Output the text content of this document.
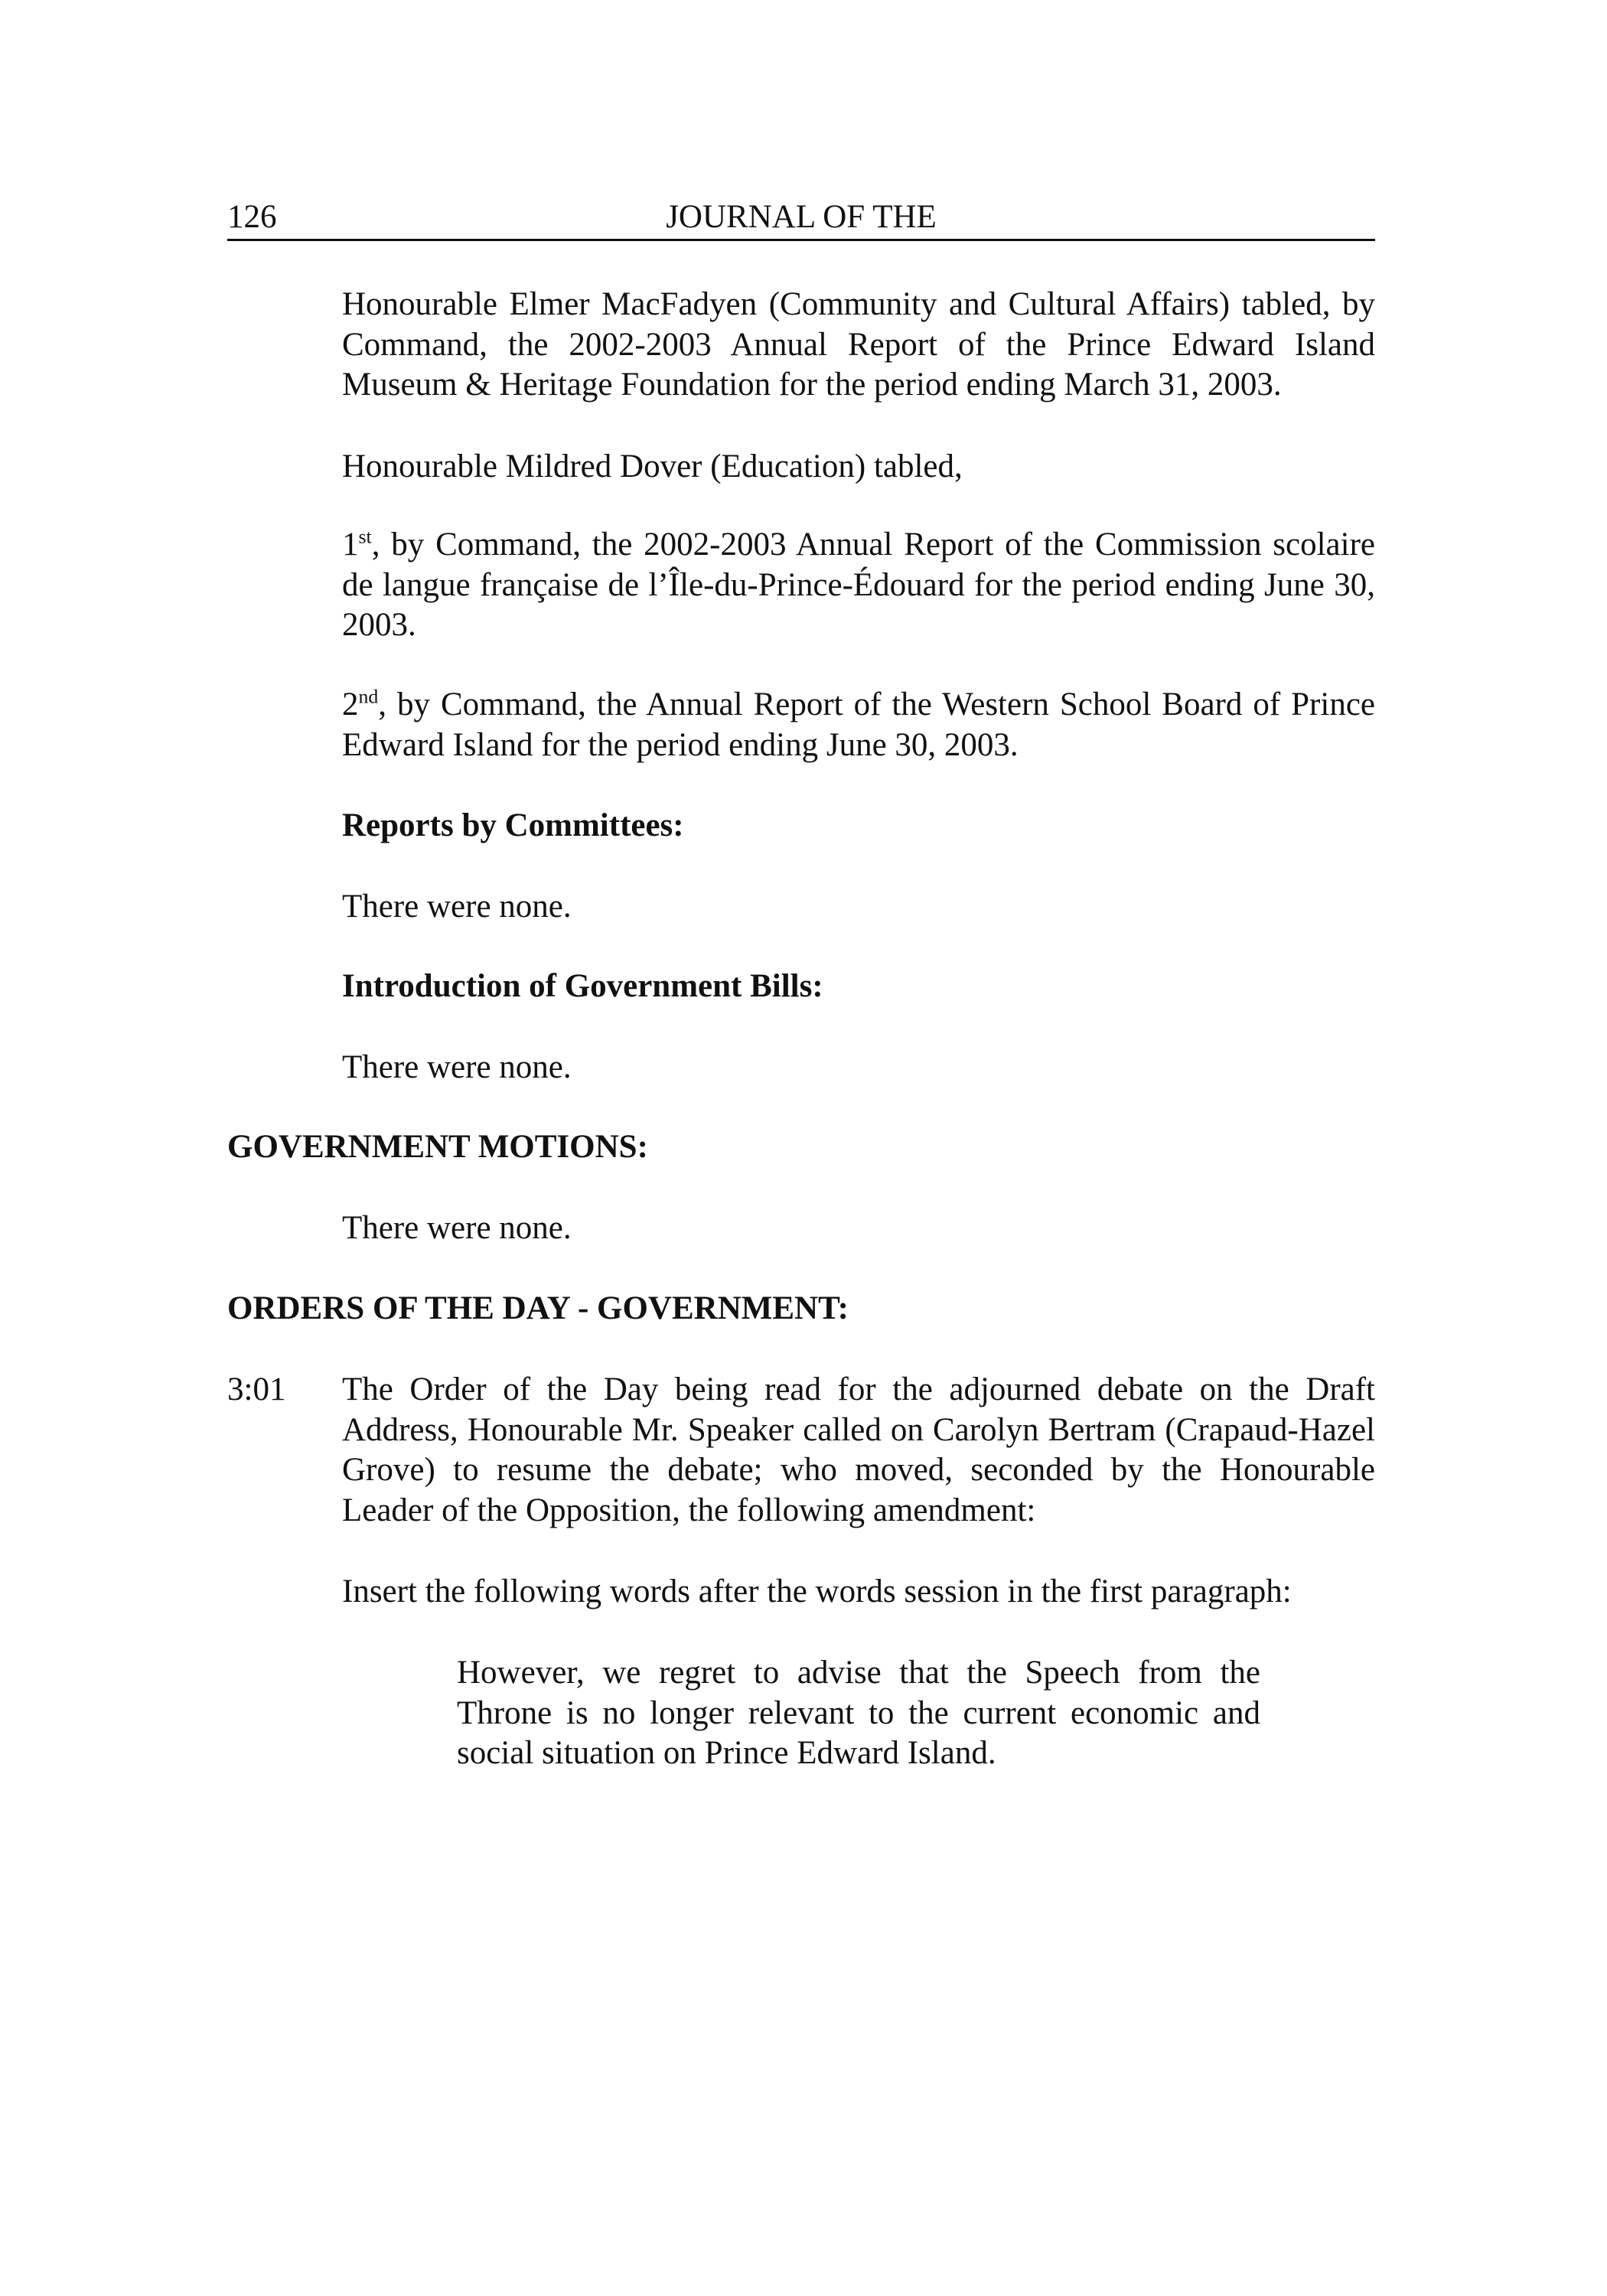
126	JOURNAL OF THE

Honourable Elmer MacFadyen (Community and Cultural Affairs) tabled, by Command, the 2002-2003 Annual Report of the Prince Edward Island Museum & Heritage Foundation for the period ending March 31, 2003.

Honourable Mildred Dover (Education) tabled,

1st, by Command, the 2002-2003 Annual Report of the Commission scolaire de langue française de l’Île-du-Prince-Édouard for the period ending June 30, 2003.

2nd, by Command, the Annual Report of the Western School Board of Prince Edward Island for the period ending June 30, 2003.

Reports by Committees:

There were none.

Introduction of Government Bills:

There were none.

GOVERNMENT MOTIONS:

There were none.

ORDERS OF THE DAY - GOVERNMENT:

3:01 The Order of the Day being read for the adjourned debate on the Draft Address, Honourable Mr. Speaker called on Carolyn Bertram (Crapaud-Hazel Grove) to resume the debate; who moved, seconded by the Honourable Leader of the Opposition, the following amendment:

Insert the following words after the words session in the first paragraph:

However, we regret to advise that the Speech from the Throne is no longer relevant to the current economic and social situation on Prince Edward Island.
